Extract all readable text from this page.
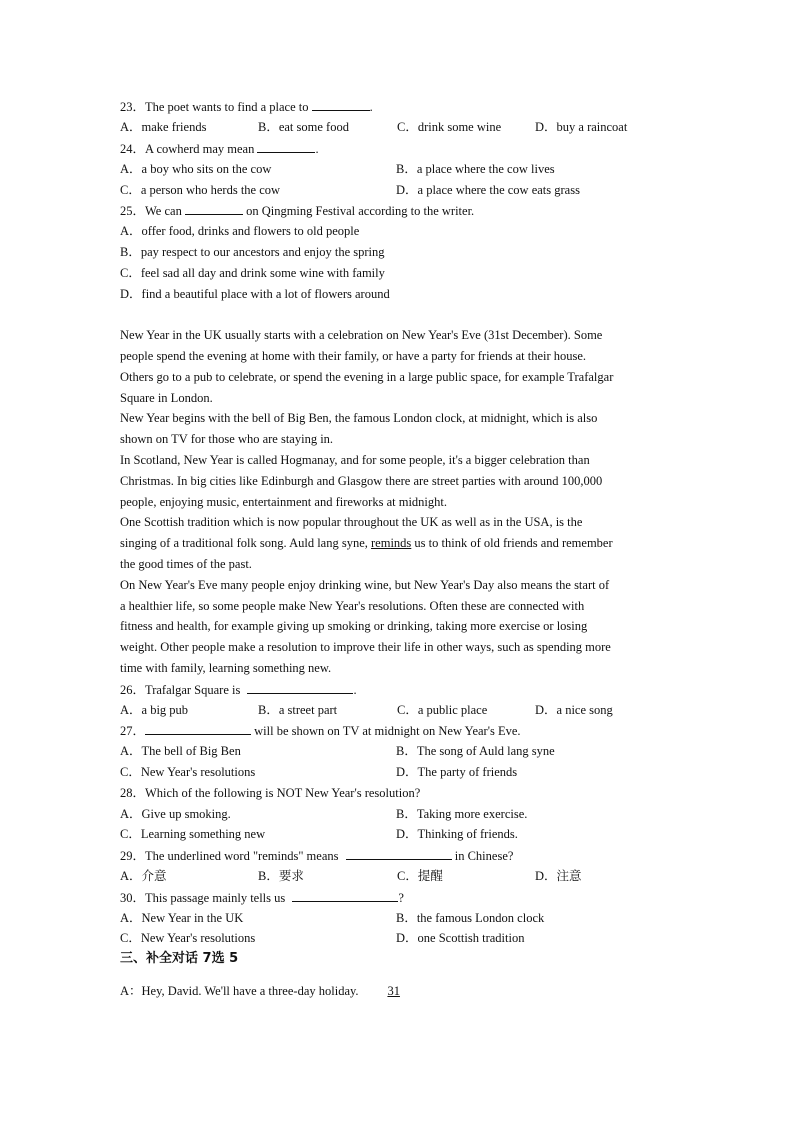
23．The poet wants to find a place to	.
A．make friends	B．eat some food	C．drink some wine	D．buy a raincoat
24．A cowherd may mean	.
A．a boy who sits on the cow	B．a place where the cow lives
C．a person who herds the cow	D．a place where the cow eats grass
25．We can	on Qingming Festival according to the writer.
A．offer food, drinks and flowers to old people
B．pay respect to our ancestors and enjoy the spring
C．feel sad all day and drink some wine with family
D．find a beautiful place with a lot of flowers around
New Year in the UK usually starts with a celebration on New Year's Eve (31st December). Some
people spend the evening at home with their family, or have a party for friends at their house.
Others go to a pub to celebrate, or spend the evening in a large public space, for example Trafalgar
Square in London.
New Year begins with the bell of Big Ben, the famous London clock, at midnight, which is also
shown on TV for those who are staying in.
In Scotland, New Year is called Hogmanay, and for some people, it's a bigger celebration than
Christmas. In big cities like Edinburgh and Glasgow there are street parties with around 100,000
people, enjoying music, entertainment and fireworks at midnight.
One Scottish tradition which is now popular throughout the UK as well as in the USA, is the
singing of a traditional folk song. Auld lang syne, reminds us to think of old friends and remember
the good times of the past.
On New Year's Eve many people enjoy drinking wine, but New Year's Day also means the start of
a healthier life, so some people make New Year's resolutions. Often these are connected with
fitness and health, for example giving up smoking or drinking, taking more exercise or losing
weight. Other people make a resolution to improve their life in other ways, such as spending more
time with family, learning something new.
26．Trafalgar Square is	.
A．a big pub	B．a street part	C．a public place	D．a nice song
27．	will be shown on TV at midnight on New Year's Eve.
A．The bell of Big Ben	B．The song of Auld lang syne
C．New Year's resolutions	D．The party of friends
28．Which of the following is NOT New Year's resolution?
A．Give up smoking.	B．Taking more exercise.
C．Learning something new	D．Thinking of friends.
29．The underlined word "reminds" means	in Chinese?
A．介意	B．要求	C．提醒	D．注意
30．This passage mainly tells us	?
A．New Year in the UK	B．the famous London clock
C．New Year's resolutions	D．one Scottish tradition
三、补全对话 7选 5
A：Hey, David. We'll have a three-day holiday. 31
